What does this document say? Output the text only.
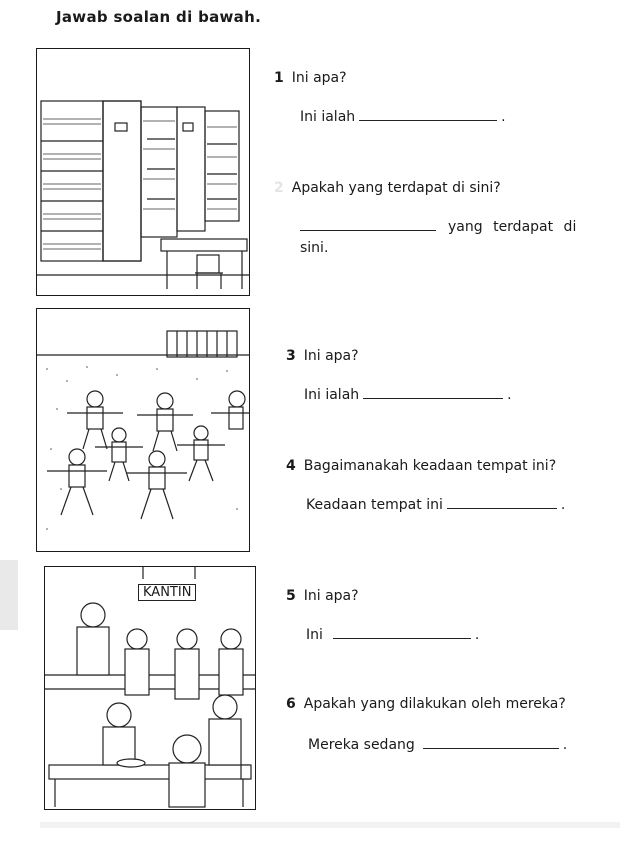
Jawab soalan di bawah.
KANTIN
1 Ini apa?
Ini ialah	.
2 Apakah yang terdapat di sini?
yang terdapat di
sini.
3 Ini apa?
Ini ialah	.
4 Bagaimanakah keadaan tempat ini?
Keadaan tempat ini	.
5 Ini apa?
Ini	.
6 Apakah yang dilakukan oleh mereka?
Mereka sedang	.
